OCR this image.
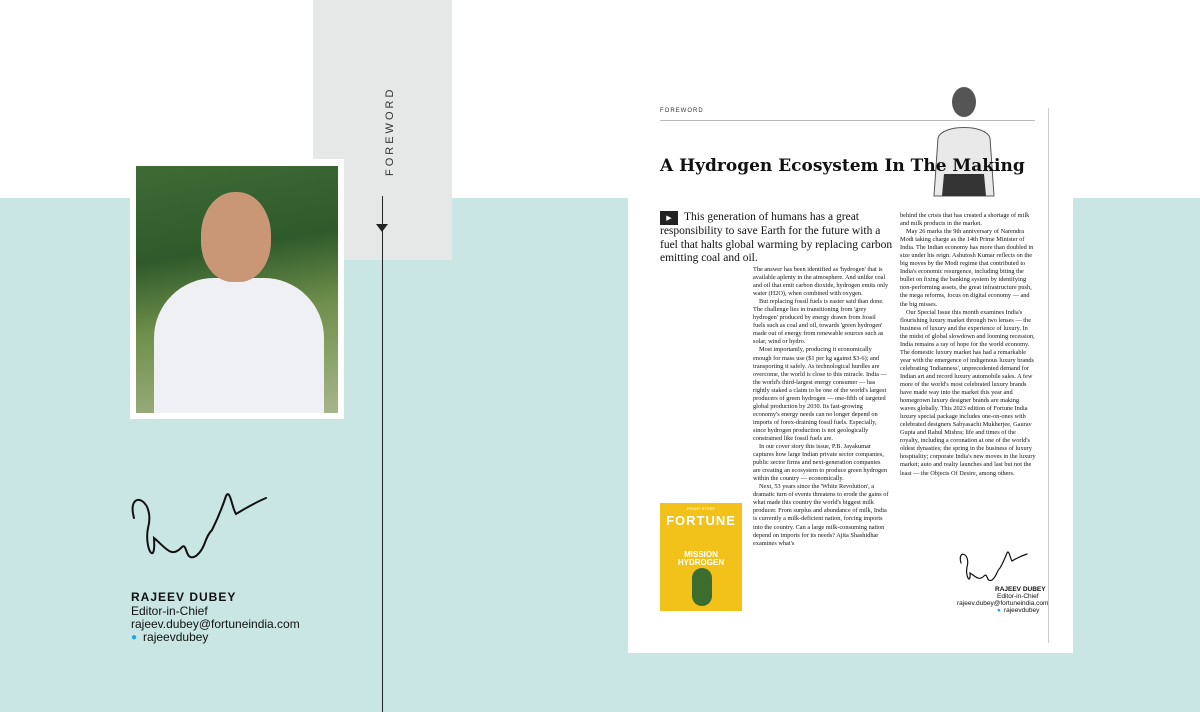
FOREWORD
RAJEEV DUBEY
Editor-in-Chief
rajeev.dubey@fortuneindia.com
● rajeevdubey
FOREWORD
A Hydrogen Ecosystem In The Making
▶ This generation of humans has a great responsibility to save Earth for the future with a fuel that halts global warming by replacing carbon emitting coal and oil.

The answer has been identified as 'hydrogen' that is available aplenty in the atmosphere. And unlike coal and oil that emit carbon dioxide, hydrogen emits only water (H2O), when combined with oxygen.

But replacing fossil fuels is easier said than done. The challenge lies in transitioning from 'grey hydrogen' produced by energy drawn from fossil fuels such as coal and oil, towards 'green hydrogen' made out of energy from renewable sources such as solar, wind or hydro.

Most importantly, producing it economically enough for mass use ($1 per kg against $3-6); and transporting it safely. As technological hurdles are overcome, the world is close to this miracle. India — the world's third-largest energy consumer — has rightly staked a claim to be one of the world's largest producers of green hydrogen — one-fifth of targeted global production by 2030. Its fast-growing economy's energy needs can no longer depend on imports of forex-draining fossil fuels. Especially, since hydrogen production is not geologically constrained like fossil fuels are.

In our cover story this issue, P.B. Jayakumar captures how large Indian private sector companies, public sector firms and next-generation companies are creating an ecosystem to produce green hydrogen within the country — economically.

Next, 53 years since the 'White Revolution', a dramatic turn of events threatens to erode the gains of what made this country the world's biggest milk producer. From surplus and abundance of milk, India is currently a milk-deficient nation, forcing imports into the country. Can a large milk-consuming nation depend on imports for its needs? Ajita Shashidhar examines what's

behind the crisis that has created a shortage of milk and milk products in the market.

May 26 marks the 9th anniversary of Narendra Modi taking charge as the 14th Prime Minister of India. The Indian economy has more than doubled in size under his reign. Ashutosh Kumar reflects on the big moves by the Modi regime that contributed to India's economic resurgence, including biting the bullet on fixing the banking system by identifying non-performing assets, the great infrastructure push, the mega reforms, focus on digital economy — and the big misses.

Our Special Issue this month examines India's flourishing luxury market through two lenses — the business of luxury and the experience of luxury. In the midst of global slowdown and looming recession, India remains a ray of hope for the world economy. The domestic luxury market has had a remarkable year with the emergence of indigenous luxury brands celebrating 'Indianness', unprecedented demand for Indian art and record luxury automobile sales. A few more of the world's most celebrated luxury brands have made way into the market this year and homegrown luxury designer brands are making waves globally. This 2023 edition of Fortune India luxury special package includes one-on-ones with celebrated designers Sabyasachi Mukherjee, Gaurav Gupta and Rahul Mishra; life and times of the royalty, including a coronation at one of the world's oldest dynasties; the spring in the business of luxury hospitality; corporate India's new moves in the luxury market; auto and realty launches and last but not the least — the Objects Of Desire, among others.

FRONT STORY
FORTUNE
MISSION HYDROGEN
RAJEEV DUBEY
Editor-in-Chief
rajeev.dubey@fortuneindia.com
● rajeevdubey
